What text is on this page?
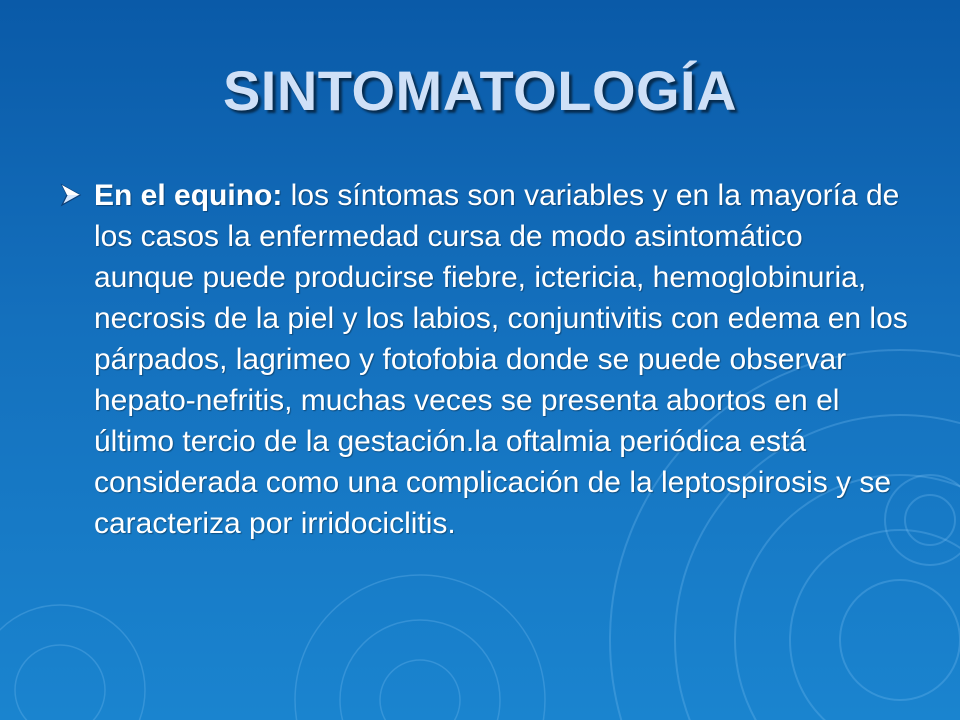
SINTOMATOLOGÍA
En el equino: los síntomas son variables y en la mayoría de los casos la enfermedad cursa de modo asintomático aunque puede producirse fiebre, ictericia, hemoglobinuria, necrosis de la piel y los labios, conjuntivitis con edema en los párpados, lagrimeo y fotofobia donde se puede observar hepato-nefritis, muchas veces se presenta abortos en el último tercio de la gestación.la oftalmia periódica está considerada como una complicación de la leptospirosis y se caracteriza por irridociclitis.
